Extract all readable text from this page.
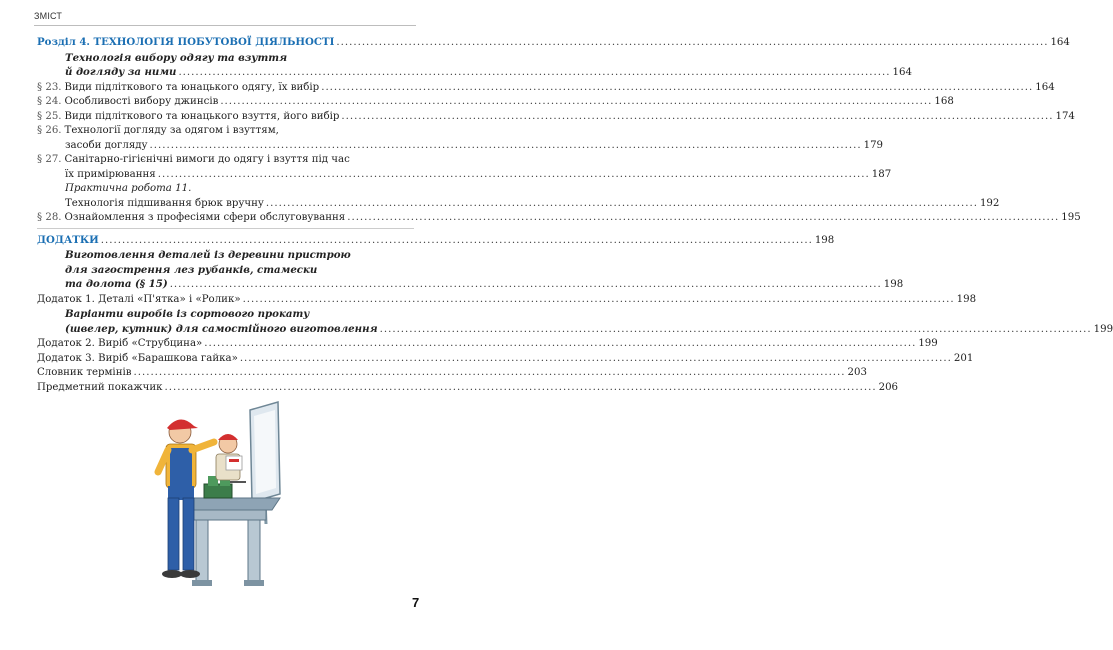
ЗМІСТ
Розділ 4. ТЕХНОЛОГІЯ ПОБУТОВОЇ ДІЯЛЬНОСТІ .....	164
Технологія вибору одягу та взуття
й догляду за ними .....	164
§ 23. Види підліткового та юнацького одягу, їх вибір .....	164
§ 24. Особливості вибору джинсів .....	168
§ 25. Види підліткового та юнацького взуття, його вибір .....	174
§ 26. Технології догляду за одягом і взуттям,
засоби догляду .....	179
§ 27. Санітарно-гігієнічні вимоги до одягу і взуття під час
їх примірювання .....	187
Практична робота 11.
Технологія підшивання брюк вручну .....	192
§ 28. Ознайомлення з професіями сфери обслуговування .....	195
ДОДАТКИ .....	198
Виготовлення деталей із деревини пристрою
для загострення лез рубанків, стамески
та долота (§ 15) .....	198
Додаток 1. Деталі «П'ятка» і «Ролик» .....	198
Варіанти виробів із сортового прокату
(швелер, кутник) для самостійного виготовлення .....	199
Додаток 2. Виріб «Струбцина» .....	199
Додаток 3. Виріб «Барашкова гайка» .....	201
Словник термінів .....	203
Предметний покажчик .....	206
7
